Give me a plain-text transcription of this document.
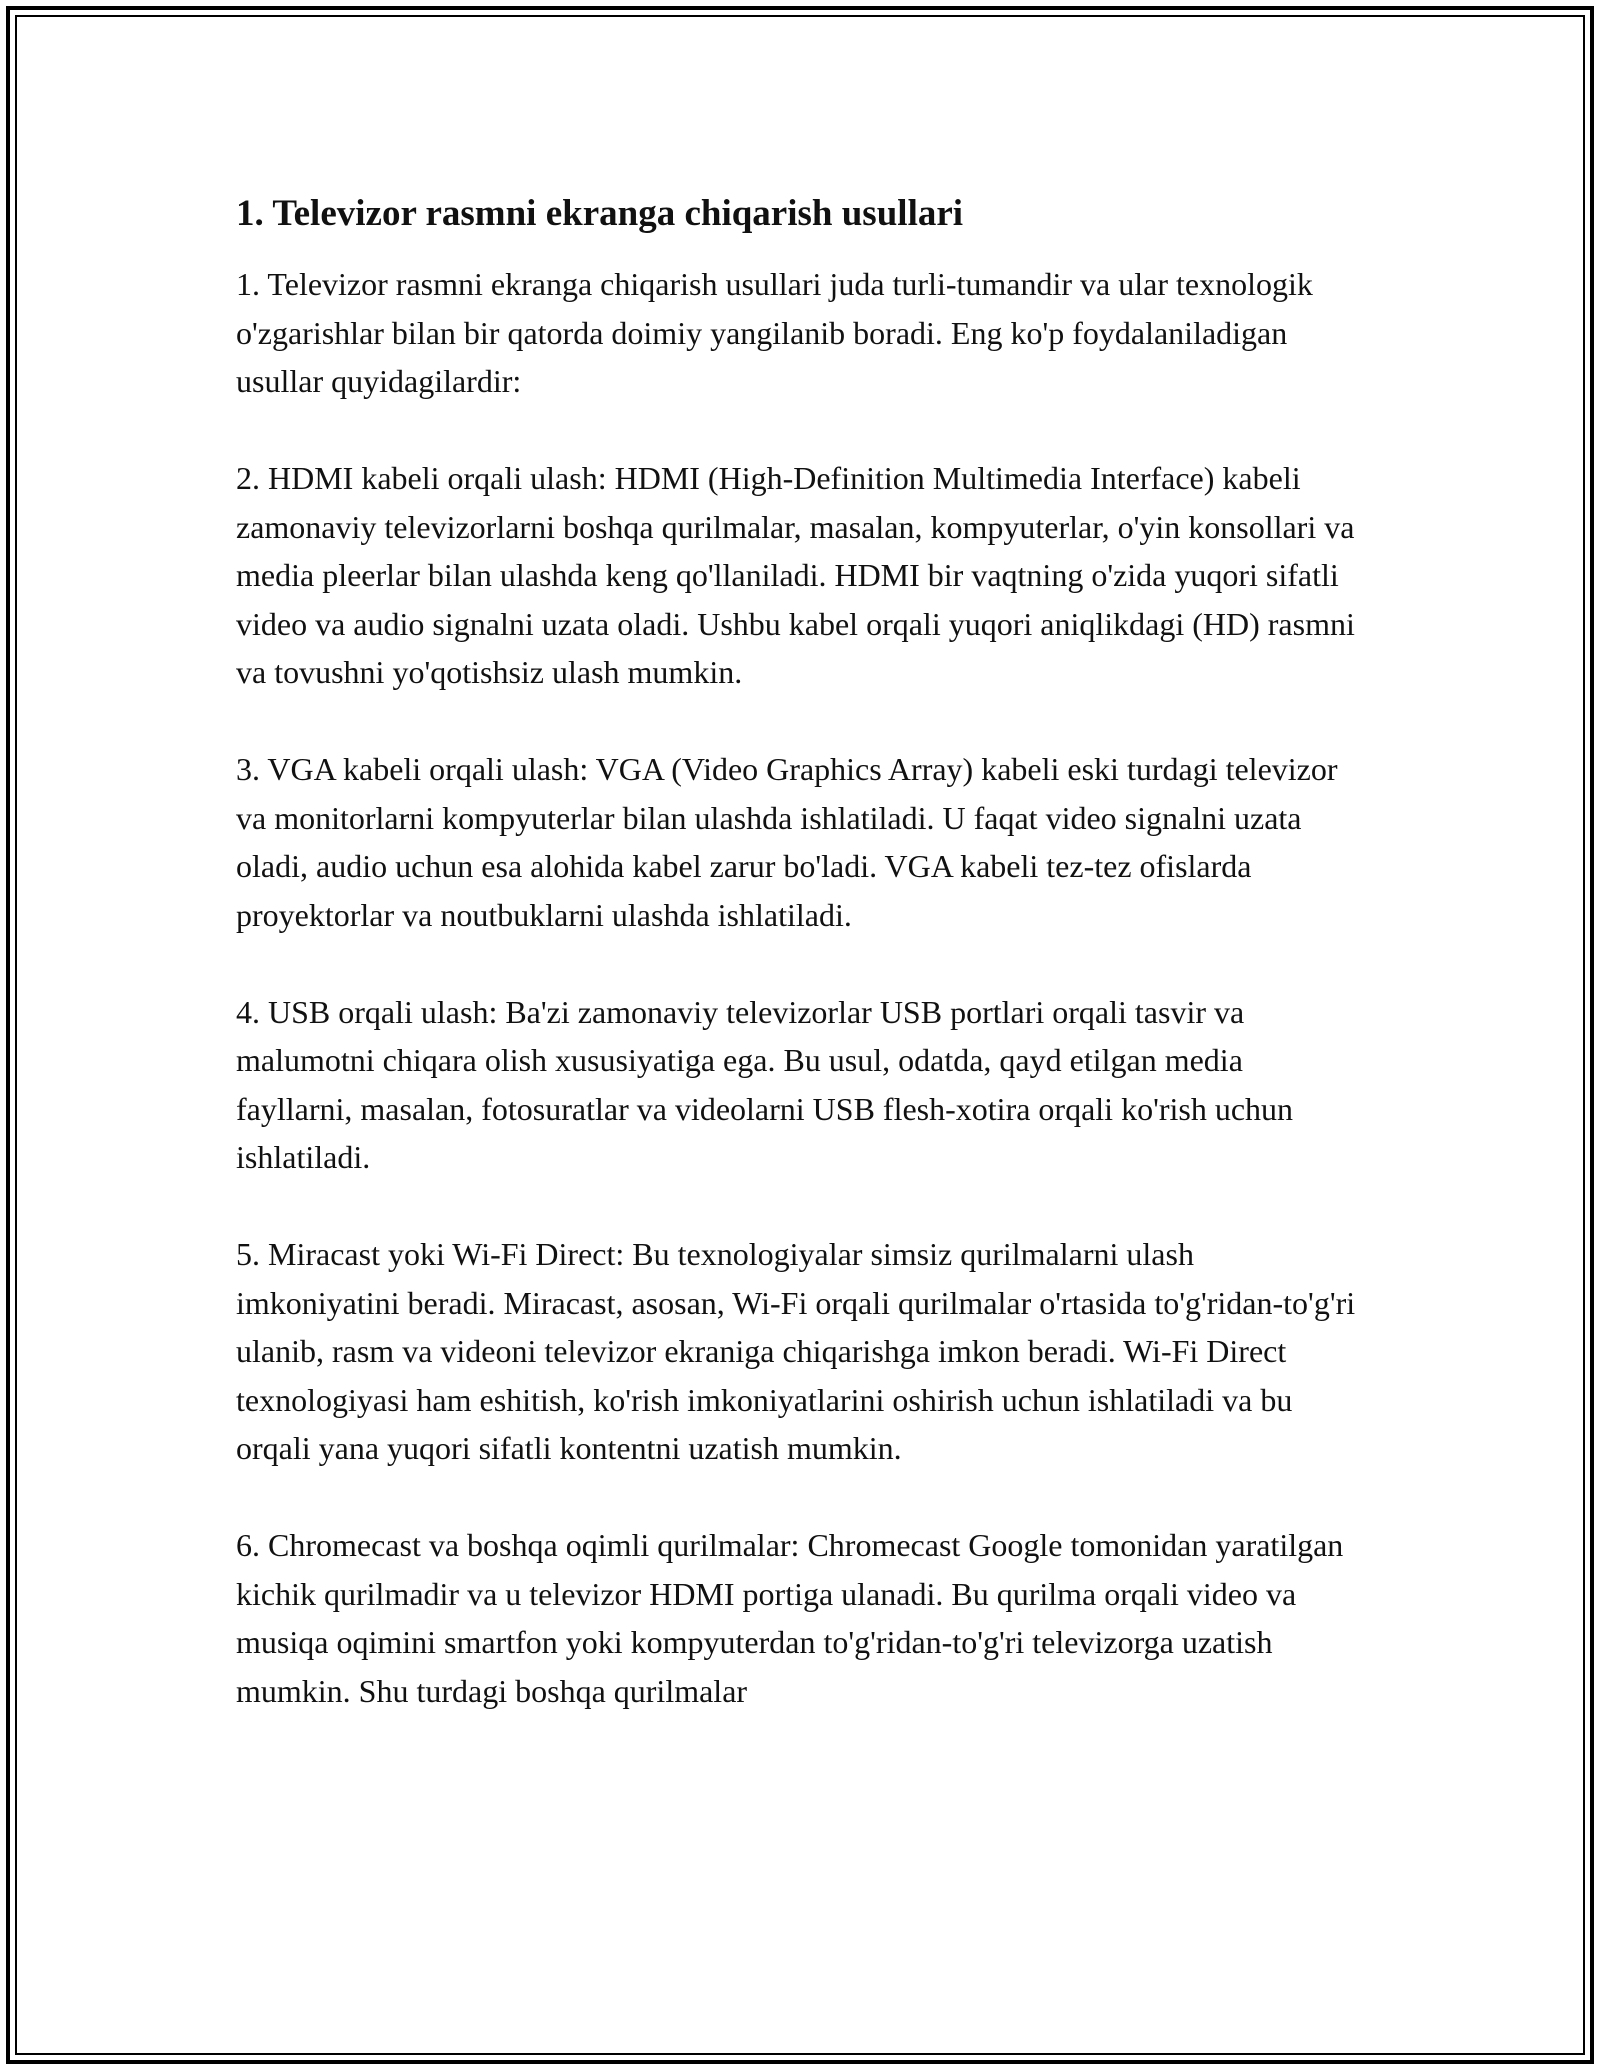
1. Televizor rasmni ekranga chiqarish usullari

1. Televizor rasmni ekranga chiqarish usullari juda turli-tumandir va ular texnologik o'zgarishlar bilan bir qatorda doimiy yangilanib boradi. Eng ko'p foydalaniladigan usullar quyidagilardir:

2. HDMI kabeli orqali ulash: HDMI (High-Definition Multimedia Interface) kabeli zamonaviy televizorlarni boshqa qurilmalar, masalan, kompyuterlar, o'yin konsollari va media pleerlar bilan ulashda keng qo'llaniladi. HDMI bir vaqtning o'zida yuqori sifatli video va audio signalni uzata oladi. Ushbu kabel orqali yuqori aniqlikdagi (HD) rasmni va tovushni yo'qotishsiz ulash mumkin.

3. VGA kabeli orqali ulash: VGA (Video Graphics Array) kabeli eski turdagi televizor va monitorlarni kompyuterlar bilan ulashda ishlatiladi. U faqat video signalni uzata oladi, audio uchun esa alohida kabel zarur bo'ladi. VGA kabeli tez-tez ofislarda proyektorlar va noutbuklarni ulashda ishlatiladi.

4. USB orqali ulash: Ba'zi zamonaviy televizorlar USB portlari orqali tasvir va malumotni chiqara olish xususiyatiga ega. Bu usul, odatda, qayd etilgan media fayllarni, masalan, fotosuratlar va videolarni USB flesh-xotira orqali ko'rish uchun ishlatiladi.

5. Miracast yoki Wi-Fi Direct: Bu texnologiyalar simsiz qurilmalarni ulash imkoniyatini beradi. Miracast, asosan, Wi-Fi orqali qurilmalar o'rtasida to'g'ridan-to'g'ri ulanib, rasm va videoni televizor ekraniga chiqarishga imkon beradi. Wi-Fi Direct texnologiyasi ham eshitish, ko'rish imkoniyatlarini oshirish uchun ishlatiladi va bu orqali yana yuqori sifatli kontentni uzatish mumkin.

6. Chromecast va boshqa oqimli qurilmalar: Chromecast Google tomonidan yaratilgan kichik qurilmadir va u televizor HDMI portiga ulanadi. Bu qurilma orqali video va musiqa oqimini smartfon yoki kompyuterdan to'g'ridan-to'g'ri televizorga uzatish mumkin. Shu turdagi boshqa qurilmalar
